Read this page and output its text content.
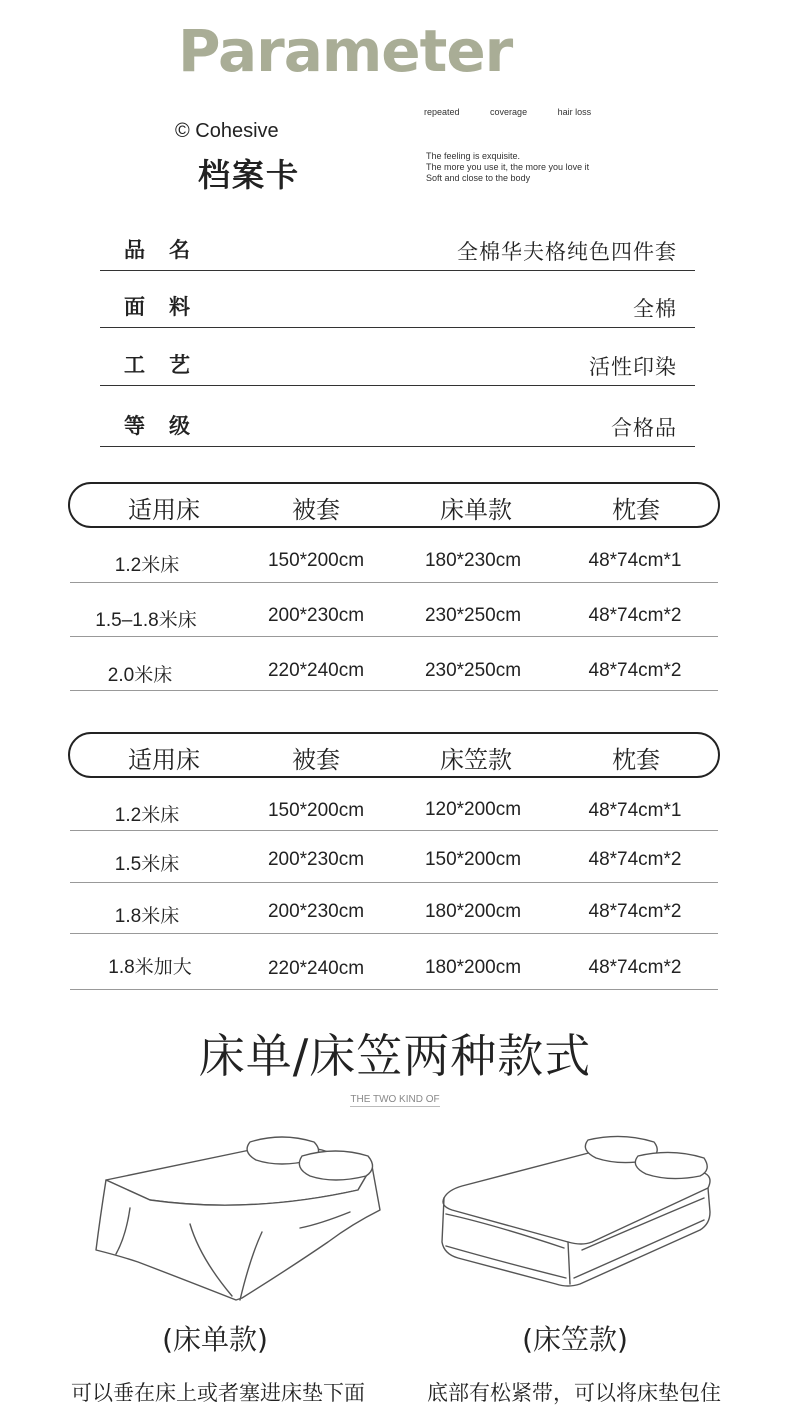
Parameter
© Cohesive
档案卡
repeated	coverage	hair loss
The feeling is exquisite.
The more you use it, the more you love it
Soft and close to the body
品名	全棉华夫格纯色四件套
面料	全棉
工艺	活性印染
等级	合格品
适用床	被套	床单款	枕套
1.2米床	150*200cm	180*230cm	48*74cm*1
1.5–1.8米床	200*230cm	230*250cm	48*74cm*2
2.0米床	220*240cm	230*250cm	48*74cm*2
适用床	被套	床笠款	枕套
1.2米床	150*200cm	120*200cm	48*74cm*1
1.5米床	200*230cm	150*200cm	48*74cm*2
1.8米床	200*230cm	180*200cm	48*74cm*2
1.8米加大	220*240cm	180*200cm	48*74cm*2
床单/床笠两种款式
THE TWO KIND OF
(床单款)	(床笠款)
可以垂在床上或者塞进床垫下面	底部有松紧带，可以将床垫包住
